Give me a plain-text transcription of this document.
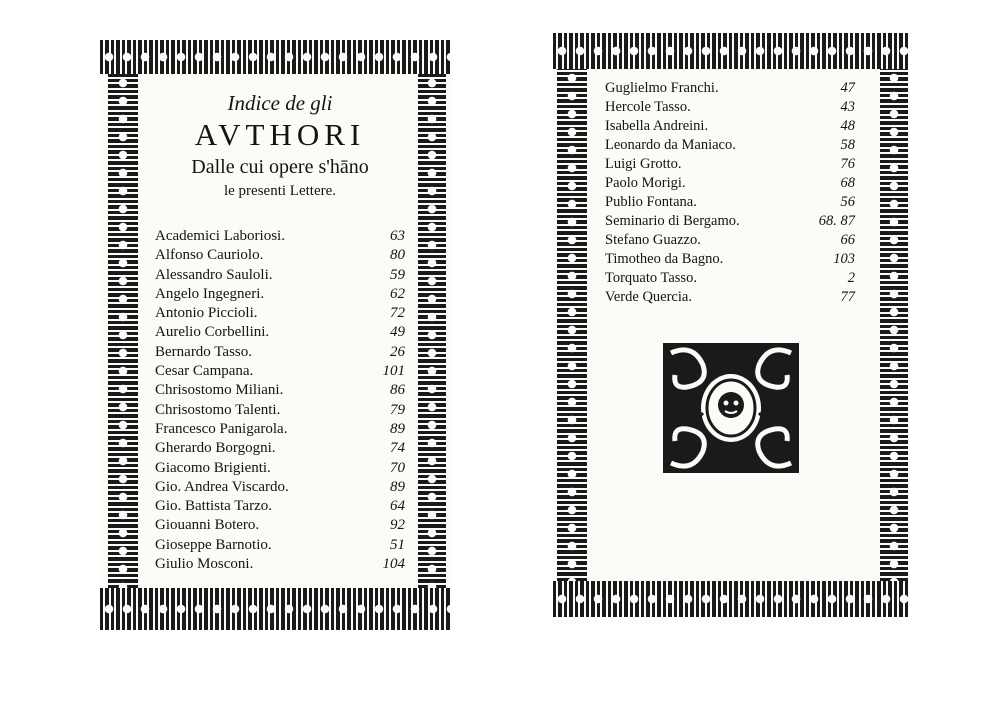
Indice de gli
AVTHORI
Dalle cui opere s'hāno
le presenti Lettere.
Academici Laboriosi.	63
Alfonso Cauriolo.	80
Alessandro Sauloli.	59
Angelo Ingegneri.	62
Antonio Piccioli.	72
Aurelio Corbellini.	49
Bernardo Tasso.	26
Cesar Campana.	101
Chrisostomo Miliani.	86
Chrisostomo Talenti.	79
Francesco Panigarola.	89
Gherardo Borgogni.	74
Giacomo Brigienti.	70
Gio. Andrea Viscardo.	89
Gio. Battista Tarzo.	64
Giouanni Botero.	92
Gioseppe Barnotio.	51
Giulio Mosconi.	104
Guglielmo Franchi.	47
Hercole Tasso.	43
Isabella Andreini.	48
Leonardo da Maniaco.	58
Luigi Grotto.	76
Paolo Morigi.	68
Publio Fontana.	56
Seminario di Bergamo.	68. 87
Stefano Guazzo.	66
Timotheo da Bagno.	103
Torquato Tasso.	2
Verde Quercia.	77
